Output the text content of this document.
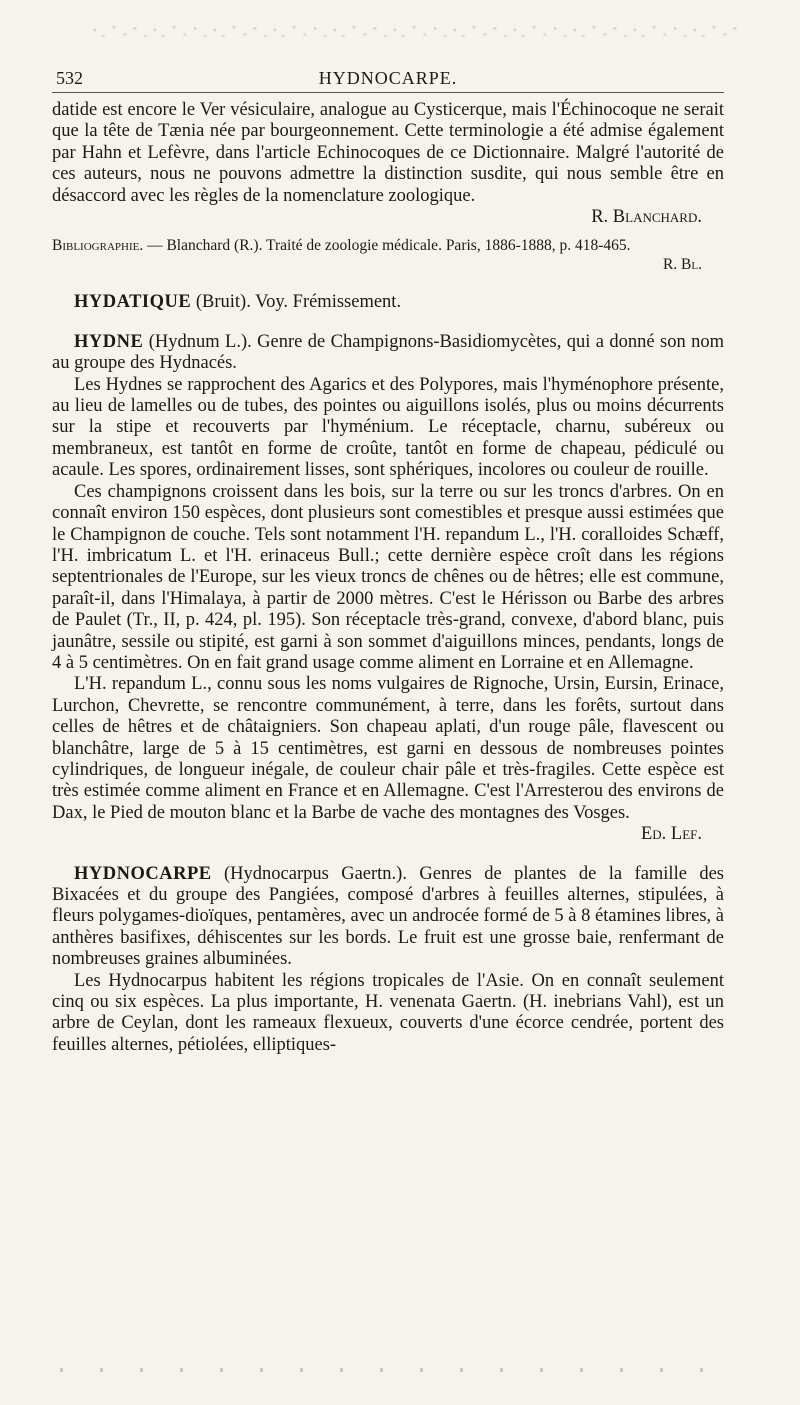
532	HYDNOCARPE.

datide est encore le Ver vésiculaire, analogue au Cysticerque, mais l'Échinocoque ne serait que la tête de Tænia née par bourgeonnement. Cette terminologie a été admise également par Hahn et Lefèvre, dans l'article Echinocoques de ce Dictionnaire. Malgré l'autorité de ces auteurs, nous ne pouvons admettre la distinction susdite, qui nous semble être en désaccord avec les règles de la nomenclature zoologique.

R. Blanchard.

Bibliographie. — Blanchard (R.). Traité de zoologie médicale. Paris, 1886-1888, p. 418-465.

R. Bl.

HYDATIQUE (Bruit). Voy. Frémissement.

HYDNE (Hydnum L.). Genre de Champignons-Basidiomycètes, qui a donné son nom au groupe des Hydnacés.

Les Hydnes se rapprochent des Agarics et des Polypores, mais l'hyménophore présente, au lieu de lamelles ou de tubes, des pointes ou aiguillons isolés, plus ou moins décurrents sur la stipe et recouverts par l'hyménium. Le réceptacle, charnu, subéreux ou membraneux, est tantôt en forme de croûte, tantôt en forme de chapeau, pédiculé ou acaule. Les spores, ordinairement lisses, sont sphériques, incolores ou couleur de rouille.

Ces champignons croissent dans les bois, sur la terre ou sur les troncs d'arbres. On en connaît environ 150 espèces, dont plusieurs sont comestibles et presque aussi estimées que le Champignon de couche. Tels sont notamment l'H. repandum L., l'H. coralloides Schæff, l'H. imbricatum L. et l'H. erinaceus Bull.; cette dernière espèce croît dans les régions septentrionales de l'Europe, sur les vieux troncs de chênes ou de hêtres; elle est commune, paraît-il, dans l'Himalaya, à partir de 2000 mètres. C'est le Hérisson ou Barbe des arbres de Paulet (Tr., II, p. 424, pl. 195). Son réceptacle très-grand, convexe, d'abord blanc, puis jaunâtre, sessile ou stipité, est garni à son sommet d'aiguillons minces, pendants, longs de 4 à 5 centimètres. On en fait grand usage comme aliment en Lorraine et en Allemagne.

L'H. repandum L., connu sous les noms vulgaires de Rignoche, Ursin, Eursin, Erinace, Lurchon, Chevrette, se rencontre communément, à terre, dans les forêts, surtout dans celles de hêtres et de châtaigniers. Son chapeau aplati, d'un rouge pâle, flavescent ou blanchâtre, large de 5 à 15 centimètres, est garni en dessous de nombreuses pointes cylindriques, de longueur inégale, de couleur chair pâle et très-fragiles. Cette espèce est très estimée comme aliment en France et en Allemagne. C'est l'Arresterou des environs de Dax, le Pied de mouton blanc et la Barbe de vache des montagnes des Vosges.

Ed. Lef.

HYDNOCARPE (Hydnocarpus Gaertn.). Genres de plantes de la famille des Bixacées et du groupe des Pangiées, composé d'arbres à feuilles alternes, stipulées, à fleurs polygames-dioïques, pentamères, avec un androcée formé de 5 à 8 étamines libres, à anthères basifixes, déhiscentes sur les bords. Le fruit est une grosse baie, renfermant de nombreuses graines albuminées.

Les Hydnocarpus habitent les régions tropicales de l'Asie. On en connaît seulement cinq ou six espèces. La plus importante, H. venenata Gaertn. (H. inebrians Vahl), est un arbre de Ceylan, dont les rameaux flexueux, couverts d'une écorce cendrée, portent des feuilles alternes, pétiolées, elliptiques-
